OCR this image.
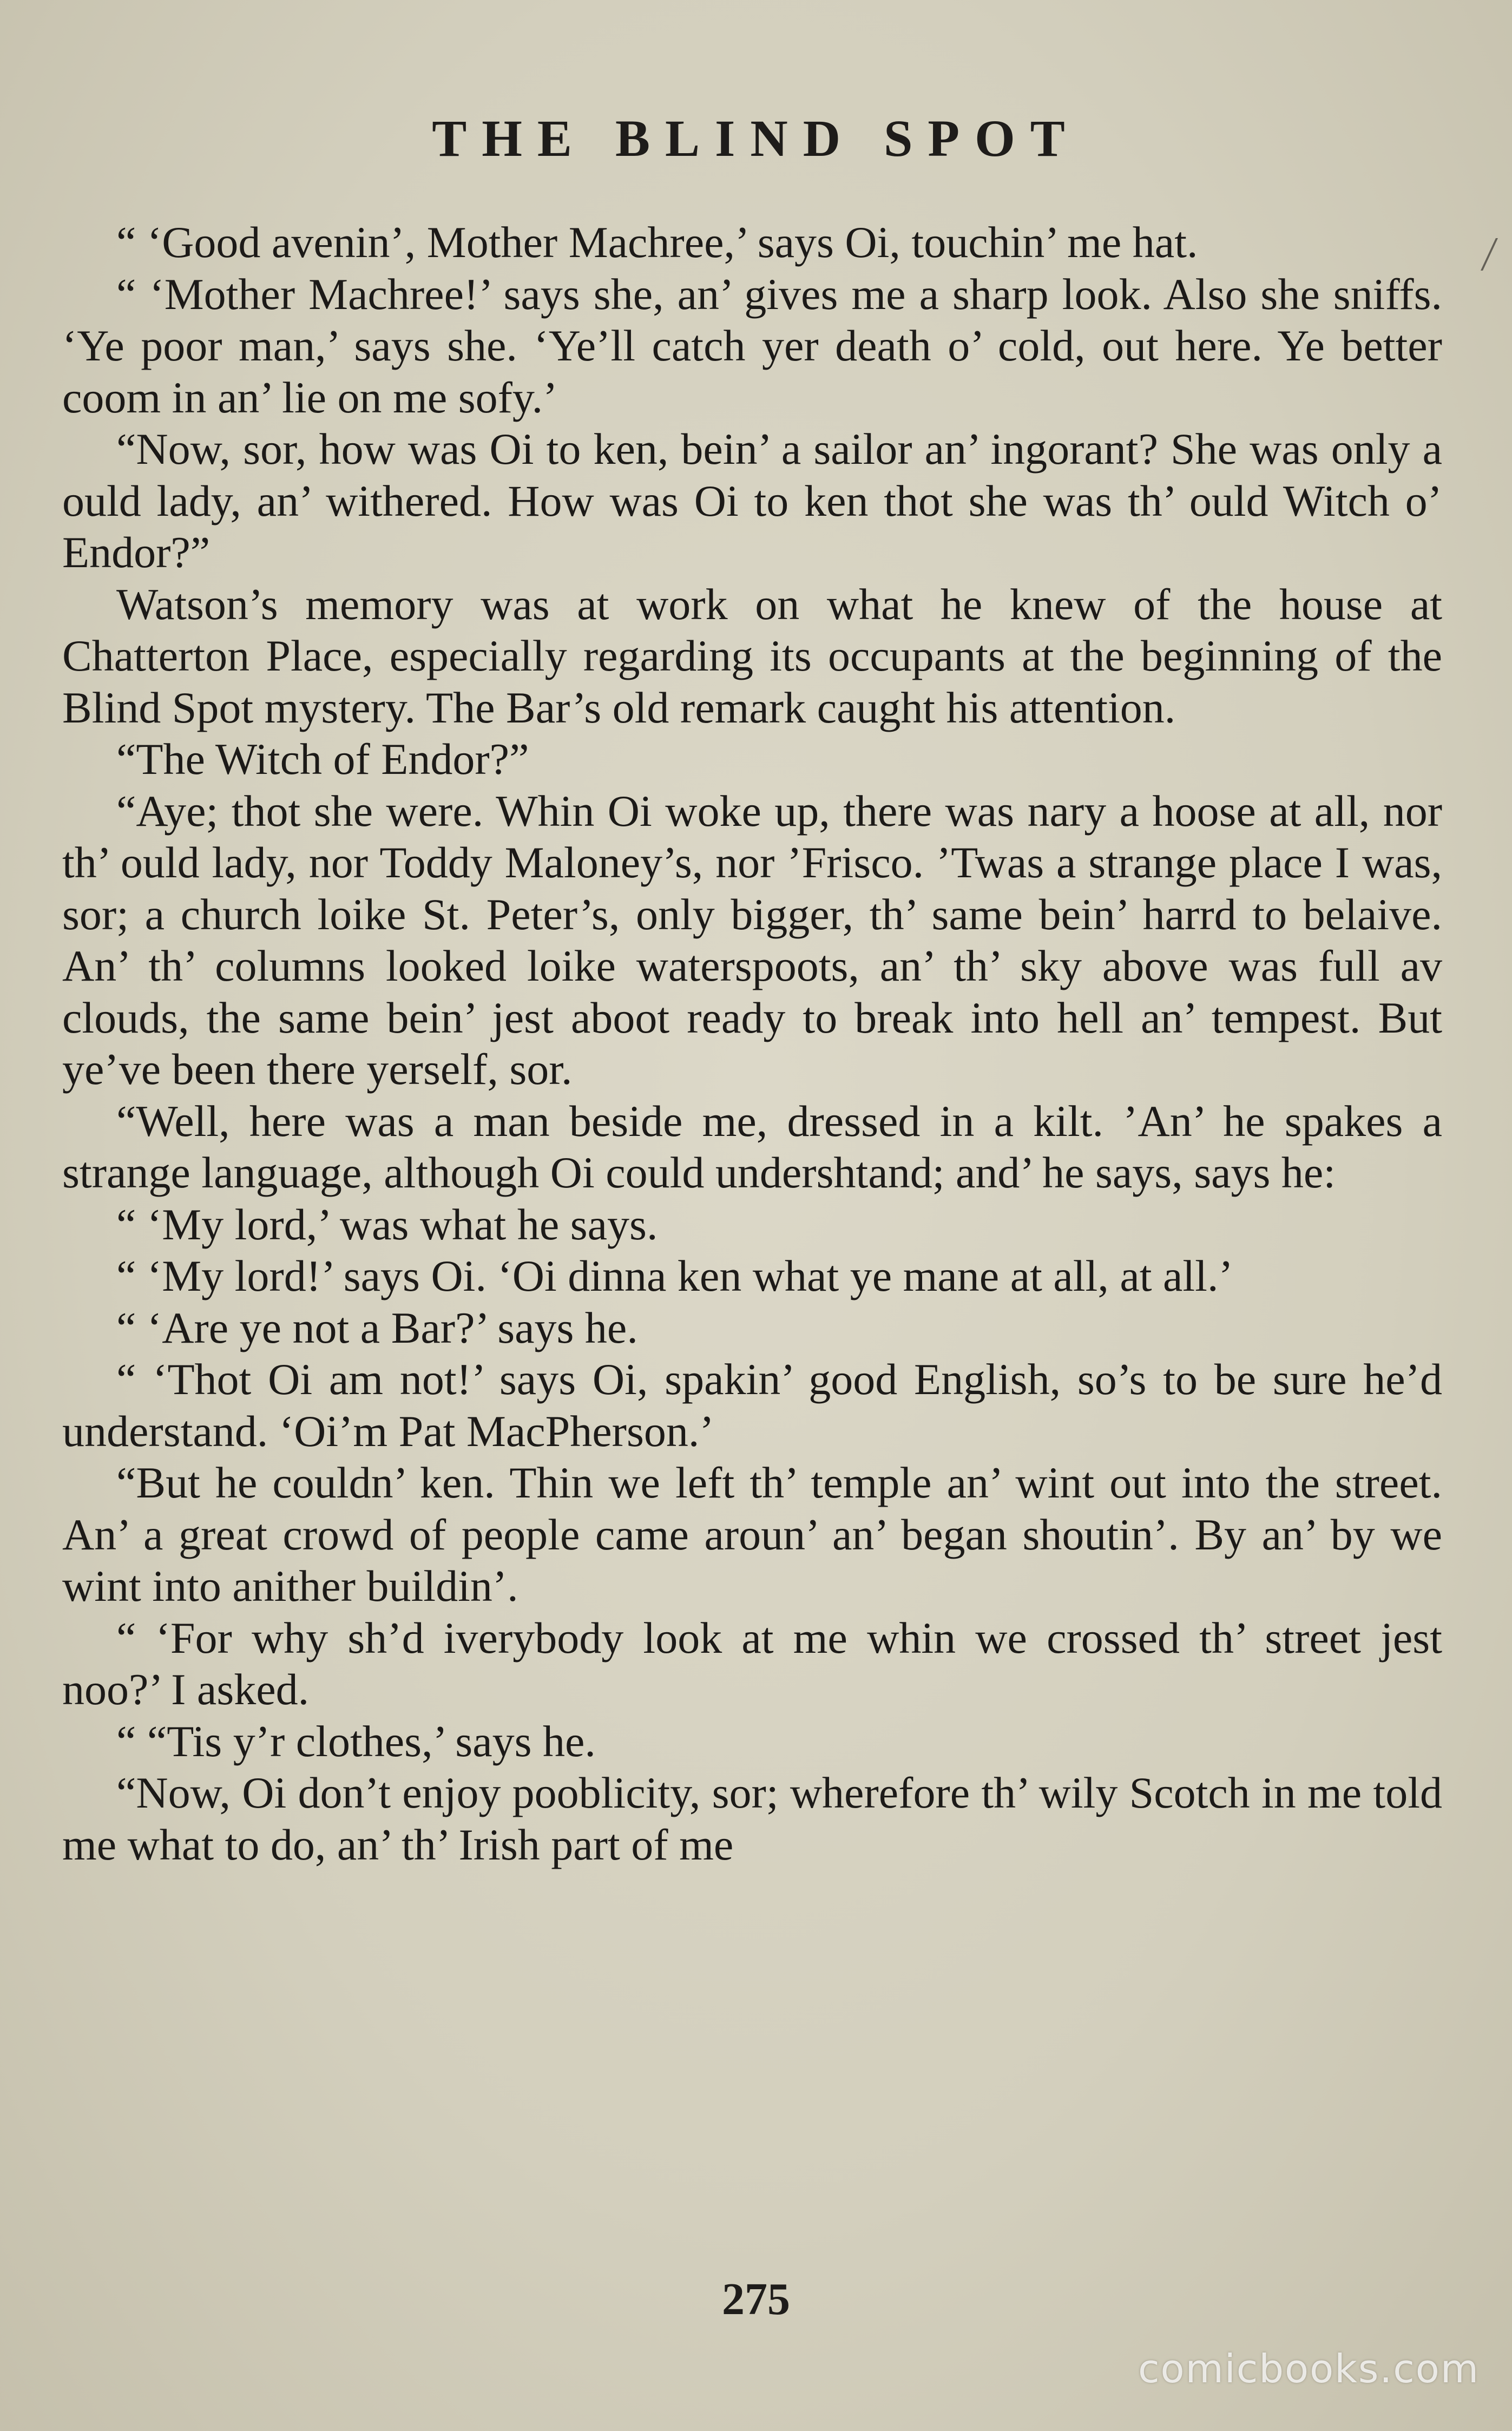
THE BLIND SPOT

“ ‘Good avenin’, Mother Machree,’ says Oi, touchin’ me hat.

“ ‘Mother Machree!’ says she, an’ gives me a sharp look. Also she sniffs. ‘Ye poor man,’ says she. ‘Ye’ll catch yer death o’ cold, out here. Ye better coom in an’ lie on me sofy.’

“Now, sor, how was Oi to ken, bein’ a sailor an’ ingorant? She was only a ould lady, an’ withered. How was Oi to ken thot she was th’ ould Witch o’ Endor?”

Watson’s memory was at work on what he knew of the house at Chatterton Place, especially regarding its occupants at the beginning of the Blind Spot mystery. The Bar’s old remark caught his attention.

“The Witch of Endor?”

“Aye; thot she were. Whin Oi woke up, there was nary a hoose at all, nor th’ ould lady, nor Toddy Maloney’s, nor ’Frisco. ’Twas a strange place I was, sor; a church loike St. Peter’s, only bigger, th’ same bein’ harrd to belaive. An’ th’ columns looked loike waterspoots, an’ th’ sky above was full av clouds, the same bein’ jest aboot ready to break into hell an’ tempest. But ye’ve been there yerself, sor.

“Well, here was a man beside me, dressed in a kilt. ’An’ he spakes a strange language, although Oi could undershtand; and’ he says, says he:

“ ‘My lord,’ was what he says.

“ ‘My lord!’ says Oi. ‘Oi dinna ken what ye mane at all, at all.’

“ ‘Are ye not a Bar?’ says he.

“ ‘Thot Oi am not!’ says Oi, spakin’ good English, so’s to be sure he’d understand. ‘Oi’m Pat MacPherson.’

“But he couldn’ ken. Thin we left th’ temple an’ wint out into the street. An’ a great crowd of people came aroun’ an’ began shoutin’. By an’ by we wint into anither buildin’.

“ ‘For why sh’d iverybody look at me whin we crossed th’ street jest noo?’ I asked.

“ “Tis y’r clothes,’ says he.

“Now, Oi don’t enjoy pooblicity, sor; wherefore th’ wily Scotch in me told me what to do, an’ th’ Irish part of me

275
comicbooks.com
